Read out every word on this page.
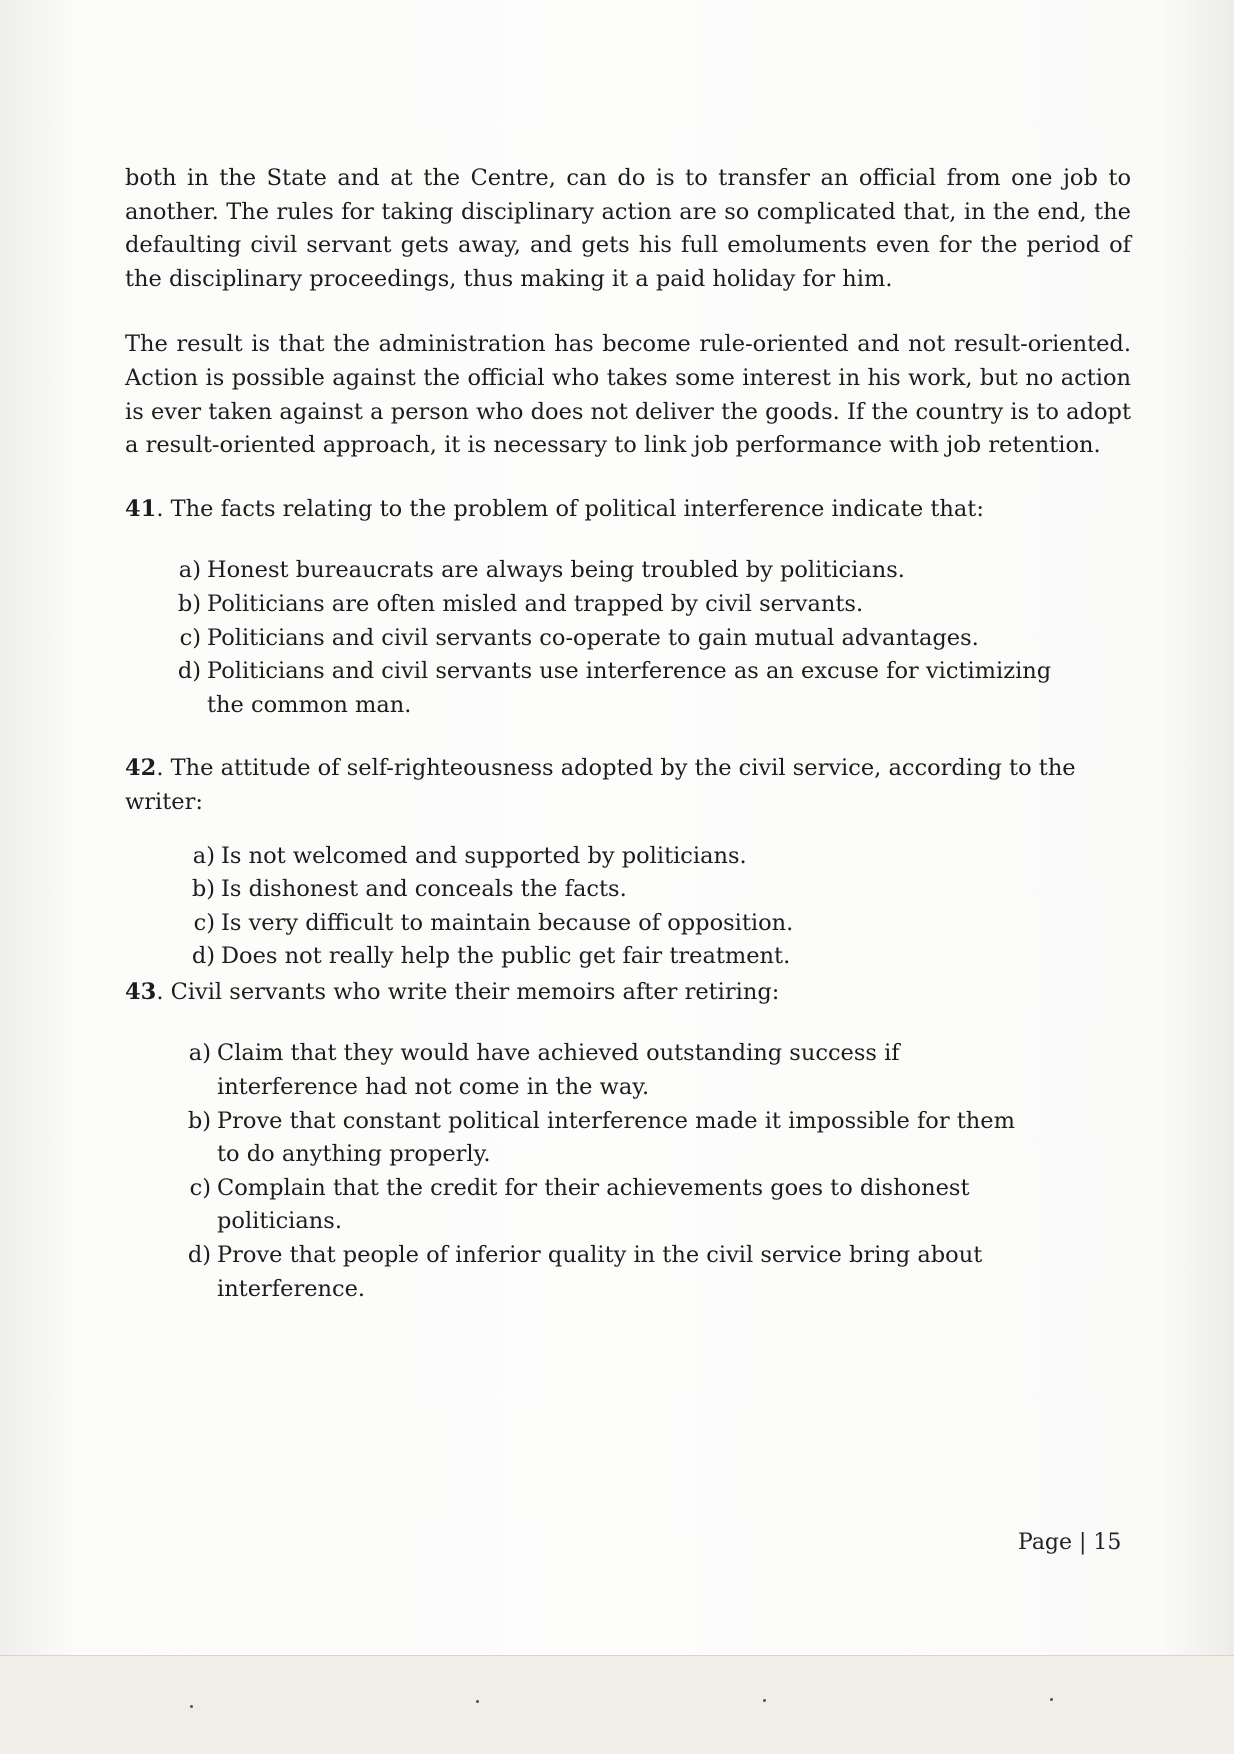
both in the State and at the Centre, can do is to transfer an official from one job to another. The rules for taking disciplinary action are so complicated that, in the end, the defaulting civil servant gets away, and gets his full emoluments even for the period of the disciplinary proceedings, thus making it a paid holiday for him.

The result is that the administration has become rule-oriented and not result-oriented. Action is possible against the official who takes some interest in his work, but no action is ever taken against a person who does not deliver the goods. If the country is to adopt a result-oriented approach, it is necessary to link job performance with job retention.

41. The facts relating to the problem of political interference indicate that:

a) Honest bureaucrats are always being troubled by politicians.
b) Politicians are often misled and trapped by civil servants.
c) Politicians and civil servants co-operate to gain mutual advantages.
d) Politicians and civil servants use interference as an excuse for victimizing the common man.

42. The attitude of self-righteousness adopted by the civil service, according to the writer:

a) Is not welcomed and supported by politicians.
b) Is dishonest and conceals the facts.
c) Is very difficult to maintain because of opposition.
d) Does not really help the public get fair treatment.

43. Civil servants who write their memoirs after retiring:

a) Claim that they would have achieved outstanding success if interference had not come in the way.
b) Prove that constant political interference made it impossible for them to do anything properly.
c) Complain that the credit for their achievements goes to dishonest politicians.
d) Prove that people of inferior quality in the civil service bring about interference.
Page | 15
